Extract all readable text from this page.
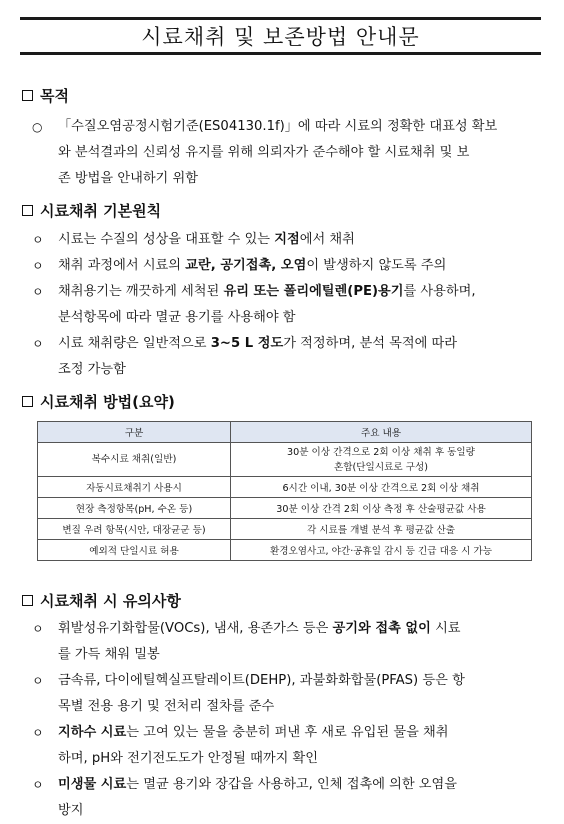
시료채취 및 보존방법 안내문
목적
○ 「수질오염공정시험기준(ES04130.1f)」에 따라 시료의 정확한 대표성 확보
와 분석결과의 신뢰성 유지를 위해 의뢰자가 준수해야 할 시료채취 및 보
존 방법을 안내하기 위함
시료채취 기본원칙
ㅇ 시료는 수질의 성상을 대표할 수 있는 지점에서 채취
ㅇ 채취 과정에서 시료의 교란, 공기접촉, 오염이 발생하지 않도록 주의
ㅇ 채취용기는 깨끗하게 세척된 유리 또는 폴리에틸렌(PE)용기를 사용하며,
분석항목에 따라 멸균 용기를 사용해야 함
ㅇ 시료 채취량은 일반적으로 3~5 L 정도가 적정하며, 분석 목적에 따라
조정 가능함
시료채취 방법(요약)
구분	주요 내용
복수시료 채취(일반)	30분 이상 간격으로 2회 이상 채취 후 동일량
혼합(단일시료로 구성)

자동시료채취기 사용시	6시간 이내, 30분 이상 간격으로 2회 이상 채취
현장 측정항목(pH, 수온 등)	30분 이상 간격 2회 이상 측정 후 산술평균값 사용
변질 우려 항목(시안, 대장균군 등)	각 시료를 개별 분석 후 평균값 산출
예외적 단일시료 허용	환경오염사고, 야간·공휴일 감시 등 긴급 대응 시 가능
시료채취 시 유의사항
ㅇ 휘발성유기화합물(VOCs), 냄새, 용존가스 등은 공기와 접촉 없이 시료
를 가득 채워 밀봉
ㅇ 금속류, 다이에틸헥실프탈레이트(DEHP), 과불화화합물(PFAS) 등은 항
목별 전용 용기 및 전처리 절차를 준수
ㅇ 지하수 시료는 고여 있는 물을 충분히 퍼낸 후 새로 유입된 물을 채취
하며, pH와 전기전도도가 안정될 때까지 확인
ㅇ 미생물 시료는 멸균 용기와 장갑을 사용하고, 인체 접촉에 의한 오염을
방지
